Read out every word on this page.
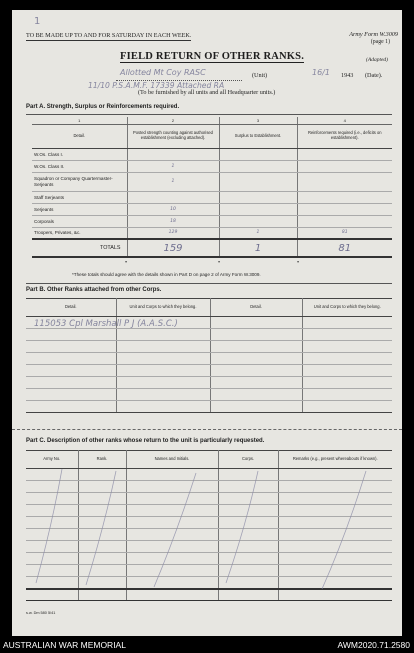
1
TO BE MADE UP TO AND FOR SATURDAY IN EACH WEEK.	Army Form W.3009
(page 1)
(Adapted)
FIELD RETURN OF OTHER RANKS.
Allotted Mt Coy RASC	(Unit)	16/1 1943 (Date).
11/10 P.S.A.M.F. 17339 Attached RA
(To be furnished by all units and all Headquarter units.)
Part A. Strength, Surplus or Reinforcements required.
1	2	3	4
Detail.	Posted strength counting against authorised establishment (excluding attached).	Surplus to Establishment.	Reinforcements required (i.e., deficits on establishment).
W.Os. Class I.			
W.Os. Class II.	1		
Squadron or Company Quartermaster-Serjeants	1		
Staff Serjeants			
Serjeants	10		
Corporals	18		
Troopers, Privates, &c.	129	1	81
TOTALS	159	1	81
•	•	•
*These totals should agree with the details shown in Part D on page 2 of Army Form W.3009.
Part B. Other Ranks attached from other Corps.
Detail.	Unit and Corps to which they belong.	Detail.	Unit and Corps to which they belong.

115053 Cpl Marshall P J (A.A.S.C.)
Part C. Description of other ranks whose return to the unit is particularly requested.
Army No.	Rank.	Names and Initials.	Corps.	Remarks (e.g., present whereabouts if known).

s.w. Dm 580 5/41
AUSTRALIAN WAR MEMORIAL	AWM2020.71.2580
